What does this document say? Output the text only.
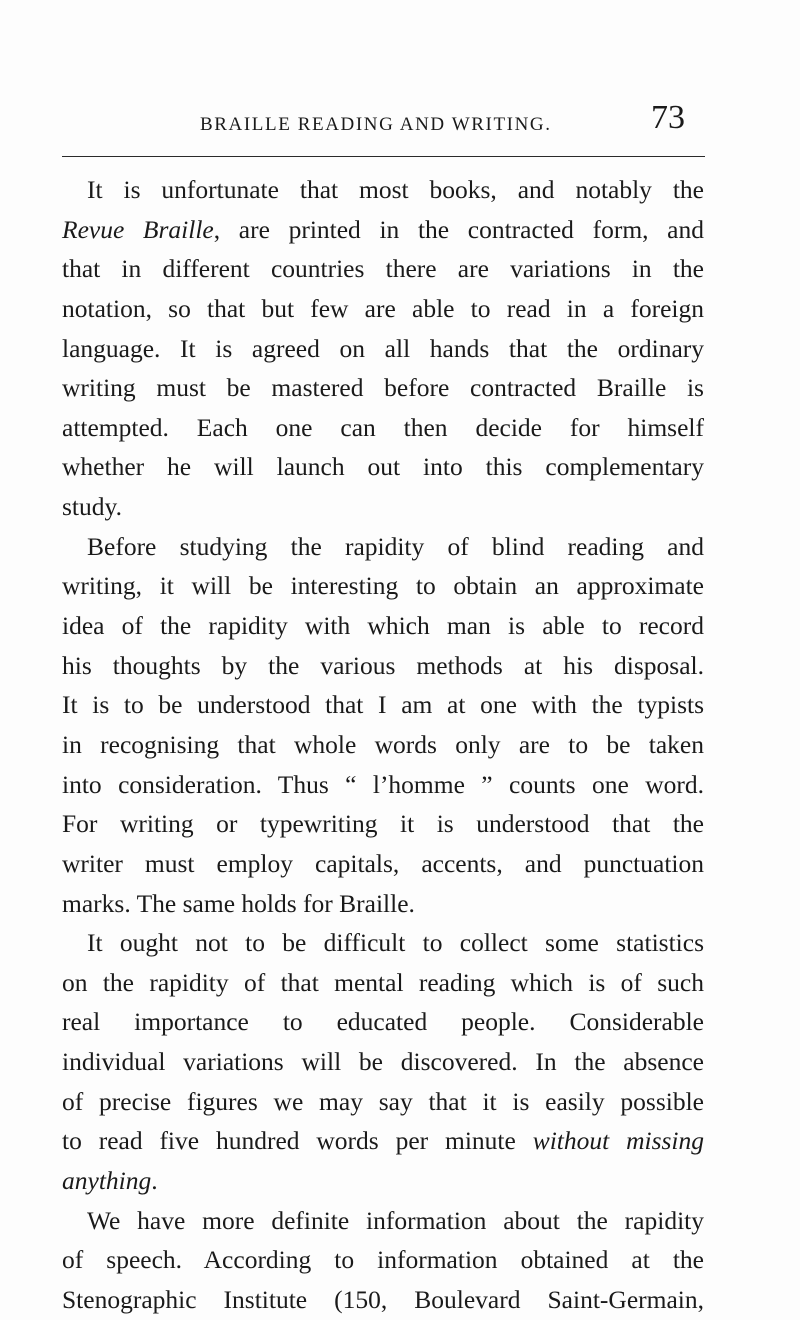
BRAILLE READING AND WRITING.	73
It is unfortunate that most books, and notably the
Revue Braille, are printed in the contracted form, and
that in different countries there are variations in the
notation, so that but few are able to read in a foreign
language. It is agreed on all hands that the ordinary
writing must be mastered before contracted Braille is
attempted. Each one can then decide for himself
whether he will launch out into this complementary
study.
Before studying the rapidity of blind reading and
writing, it will be interesting to obtain an approximate
idea of the rapidity with which man is able to record
his thoughts by the various methods at his disposal.
It is to be understood that I am at one with the typists
in recognising that whole words only are to be taken
into consideration. Thus “ l’homme ” counts one word.
For writing or typewriting it is understood that the
writer must employ capitals, accents, and punctuation
marks. The same holds for Braille.
It ought not to be difficult to collect some statistics
on the rapidity of that mental reading which is of such
real importance to educated people. Considerable
individual variations will be discovered. In the absence
of precise figures we may say that it is easily possible
to read five hundred words per minute without missing
anything.
We have more definite information about the rapidity
of speech. According to information obtained at the
Stenographic Institute (150, Boulevard Saint-Germain,
